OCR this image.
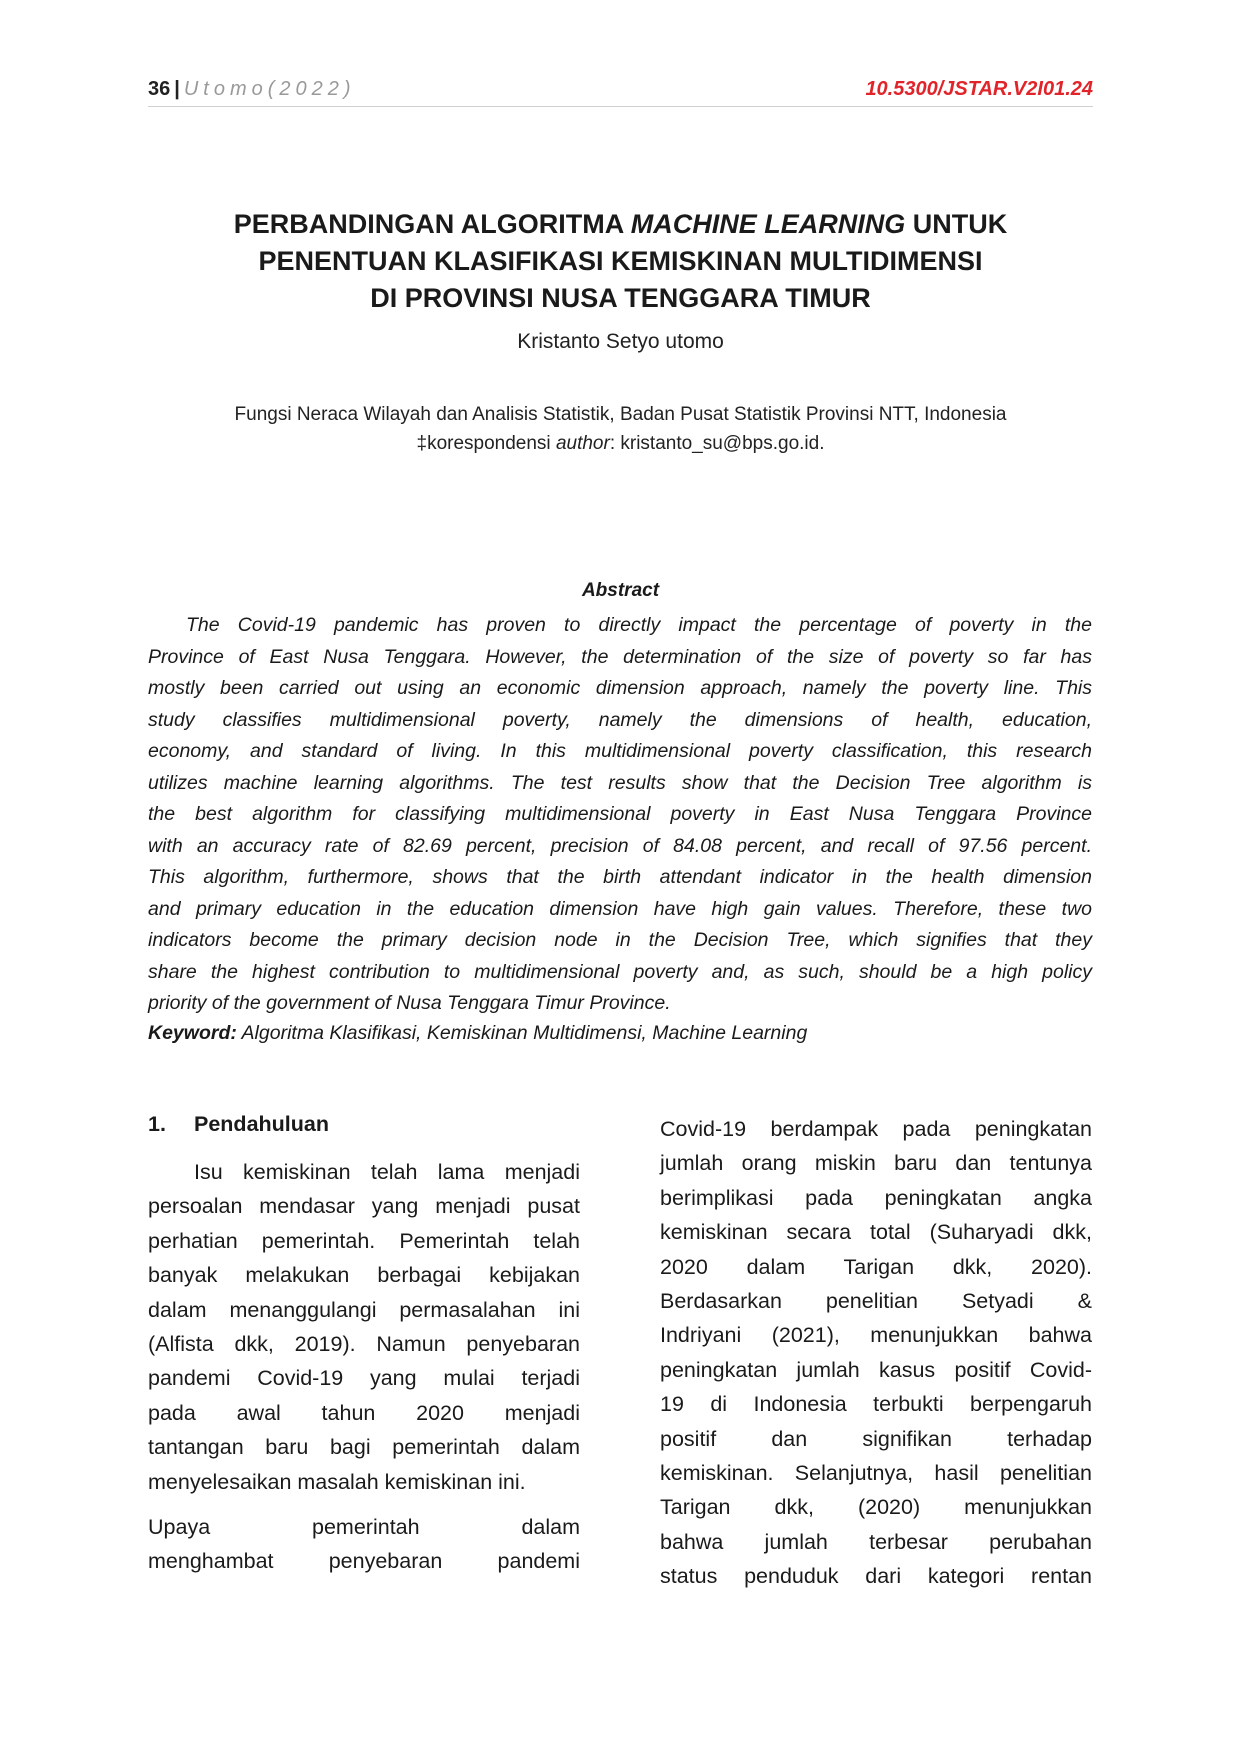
36 | Utomo(2022)	10.5300/JSTAR.V2I01.24
PERBANDINGAN ALGORITMA MACHINE LEARNING UNTUK
PENENTUAN KLASIFIKASI KEMISKINAN MULTIDIMENSI
DI PROVINSI NUSA TENGGARA TIMUR
Kristanto Setyo utomo
Fungsi Neraca Wilayah dan Analisis Statistik, Badan Pusat Statistik Provinsi NTT, Indonesia
‡korespondensi author: kristanto_su@bps.go.id.
Abstract
The Covid-19 pandemic has proven to directly impact the percentage of poverty in the
Province of East Nusa Tenggara. However, the determination of the size of poverty so far has
mostly been carried out using an economic dimension approach, namely the poverty line. This
study classifies multidimensional poverty, namely the dimensions of health, education,
economy, and standard of living. In this multidimensional poverty classification, this research
utilizes machine learning algorithms. The test results show that the Decision Tree algorithm is
the best algorithm for classifying multidimensional poverty in East Nusa Tenggara Province
with an accuracy rate of 82.69 percent, precision of 84.08 percent, and recall of 97.56 percent.
This algorithm, furthermore, shows that the birth attendant indicator in the health dimension
and primary education in the education dimension have high gain values. Therefore, these two
indicators become the primary decision node in the Decision Tree, which signifies that they
share the highest contribution to multidimensional poverty and, as such, should be a high policy
priority of the government of Nusa Tenggara Timur Province.
Keyword: Algoritma Klasifikasi, Kemiskinan Multidimensi, Machine Learning
1. Pendahuluan
Isu kemiskinan telah lama menjadi
persoalan mendasar yang menjadi pusat
perhatian pemerintah. Pemerintah telah
banyak melakukan berbagai kebijakan
dalam menanggulangi permasalahan ini
(Alfista dkk, 2019). Namun penyebaran
pandemi Covid-19 yang mulai terjadi
pada awal tahun 2020 menjadi
tantangan baru bagi pemerintah dalam
menyelesaikan masalah kemiskinan ini.
Upaya pemerintah dalam
menghambat penyebaran pandemi
Covid-19 berdampak pada peningkatan
jumlah orang miskin baru dan tentunya
berimplikasi pada peningkatan angka
kemiskinan secara total (Suharyadi dkk,
2020 dalam Tarigan dkk, 2020).
Berdasarkan penelitian Setyadi &
Indriyani (2021), menunjukkan bahwa
peningkatan jumlah kasus positif Covid-
19 di Indonesia terbukti berpengaruh
positif dan signifikan terhadap
kemiskinan. Selanjutnya, hasil penelitian
Tarigan dkk, (2020) menunjukkan
bahwa jumlah terbesar perubahan
status penduduk dari kategori rentan
